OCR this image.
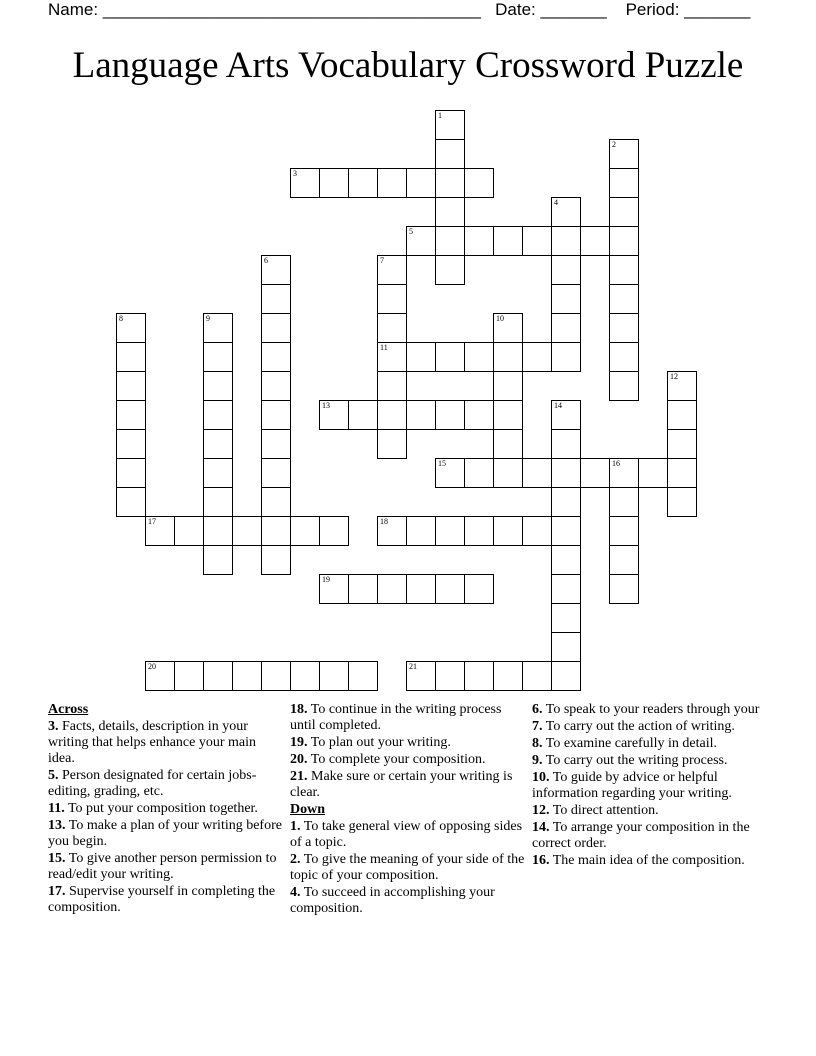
Name: ________________________________________   Date: _______    Period: _______
Language Arts Vocabulary Crossword Puzzle
1
2
3
4
5
6	7
11
8	9	10
12
13	14
15	16
17	18
19
20	21
Across
3. Facts, details, description in your writing that helps enhance your main idea.
5. Person designated for certain jobs- editing, grading, etc.
11. To put your composition together.
13. To make a plan of your writing before you begin.
15. To give another person permission to read/edit your writing.
17. Supervise yourself in completing the composition.
18. To continue in the writing process until completed.
19. To plan out your writing.
20. To complete your composition.
21. Make sure or certain your writing is clear.
Down
1. To take general view of opposing sides of a topic.
2. To give the meaning of your side of the topic of your composition.
4. To succeed in accomplishing your composition.
6. To speak to your readers through your
7. To carry out the action of writing.
8. To examine carefully in detail.
9. To carry out the writing process.
10. To guide by advice or helpful information regarding your writing.
12. To direct attention.
14. To arrange your composition in the correct order.
16. The main idea of the composition.
